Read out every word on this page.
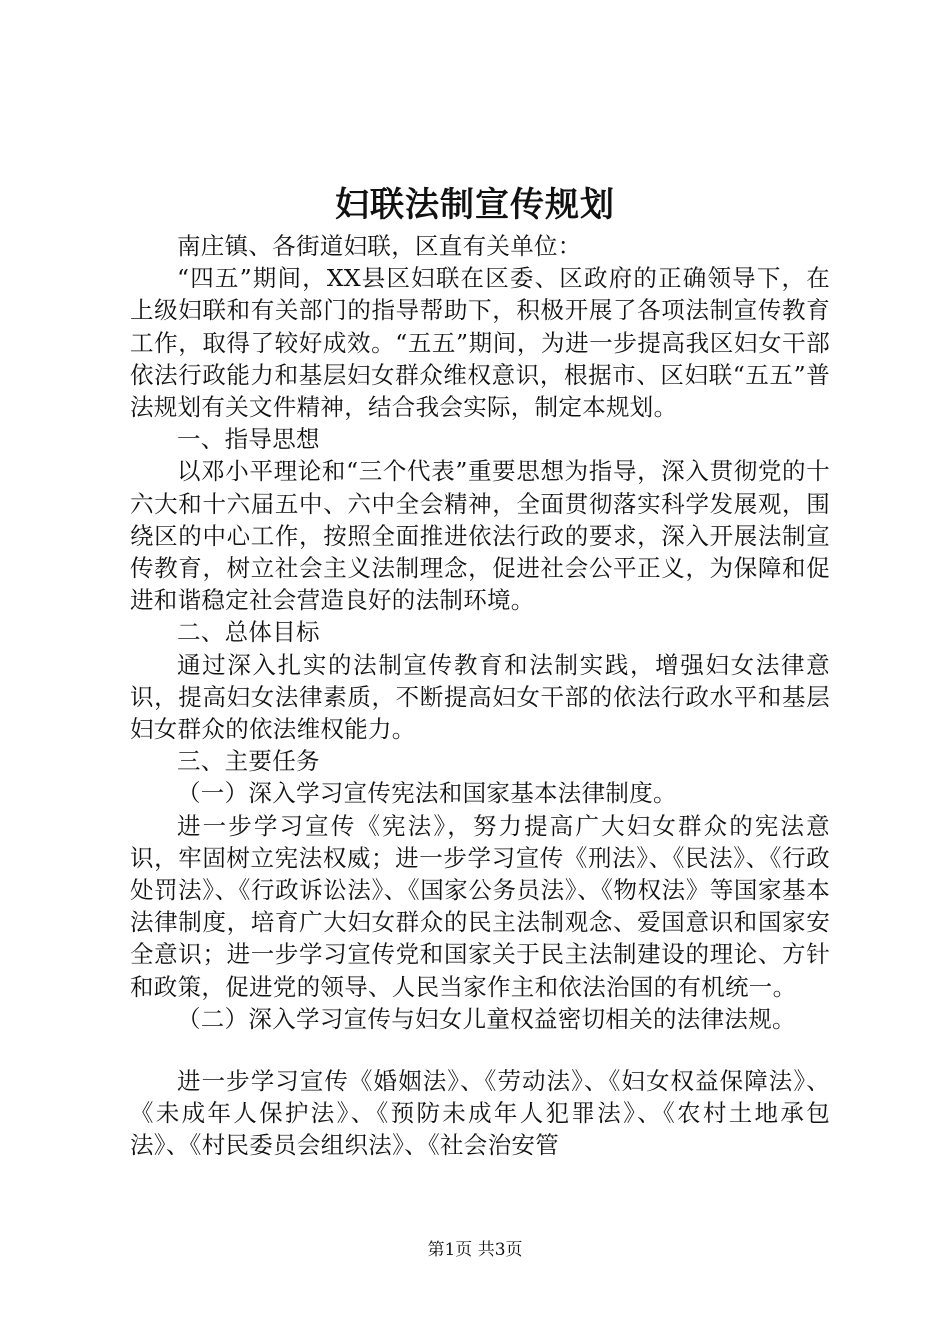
妇联法制宣传规划

南庄镇、各街道妇联，区直有关单位：

“四五”期间，XX县区妇联在区委、区政府的正确领导下，在上级妇联和有关部门的指导帮助下，积极开展了各项法制宣传教育工作，取得了较好成效。“五五”期间，为进一步提高我区妇女干部依法行政能力和基层妇女群众维权意识，根据市、区妇联“五五”普法规划有关文件精神，结合我会实际，制定本规划。

一、指导思想

以邓小平理论和“三个代表”重要思想为指导，深入贯彻党的十六大和十六届五中、六中全会精神，全面贯彻落实科学发展观，围绕区的中心工作，按照全面推进依法行政的要求，深入开展法制宣传教育，树立社会主义法制理念，促进社会公平正义，为保障和促进和谐稳定社会营造良好的法制环境。

二、总体目标

通过深入扎实的法制宣传教育和法制实践，增强妇女法律意识，提高妇女法律素质，不断提高妇女干部的依法行政水平和基层妇女群众的依法维权能力。

三、主要任务

（一）深入学习宣传宪法和国家基本法律制度。

进一步学习宣传《宪法》，努力提高广大妇女群众的宪法意识，牢固树立宪法权威；进一步学习宣传《刑法》、《民法》、《行政处罚法》、《行政诉讼法》、《国家公务员法》、《物权法》等国家基本法律制度，培育广大妇女群众的民主法制观念、爱国意识和国家安全意识；进一步学习宣传党和国家关于民主法制建设的理论、方针和政策，促进党的领导、人民当家作主和依法治国的有机统一。

（二）深入学习宣传与妇女儿童权益密切相关的法律法规。

进一步学习宣传《婚姻法》、《劳动法》、《妇女权益保障法》、《未成年人保护法》、《预防未成年人犯罪法》、《农村土地承包法》、《村民委员会组织法》、《社会治安管

第1页 共3页
